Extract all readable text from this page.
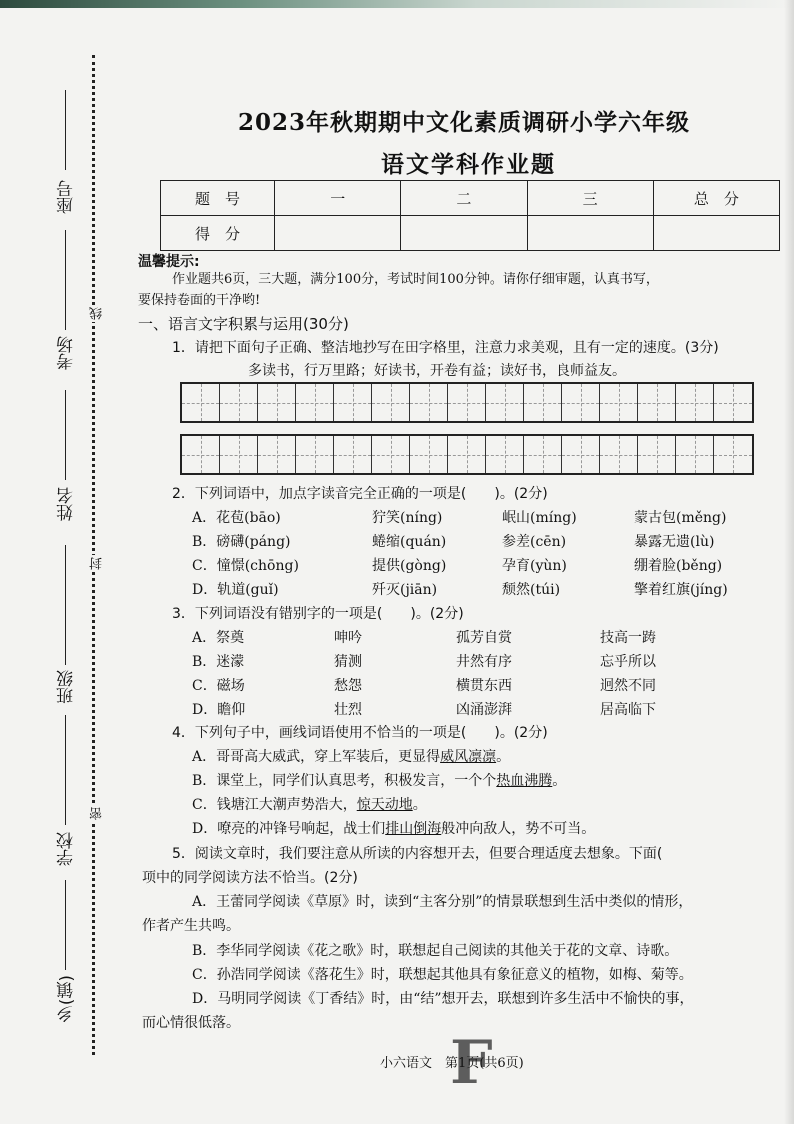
座号
考场
姓名
班级
学校
乡(镇)
线
封
密
2023年秋期期中文化素质调研小学六年级
语文学科作业题
题　号	一	二	三	总　分
得　分				
温馨提示:
作业题共6页，三大题，满分100分，考试时间100分钟。请你仔细审题，认真书写，
要保持卷面的干净哟!
一、语言文字积累与运用(30分)
1．请把下面句子正确、整洁地抄写在田字格里，注意力求美观，且有一定的速度。(3分)
多读书，行万里路；好读书，开卷有益；读好书，良师益友。
2．下列词语中，加点字读音完全正确的一项是(　　)。(2分)
A．花苞(bāo)	狞笑(níng)	岷山(míng)	蒙古包(měng)
B．磅礴(páng)	蜷缩(quán)	参差(cēn)	暴露无遗(lù)
C．憧憬(chōng)	提供(gòng)	孕育(yùn)	绷着脸(běng)
D．轨道(guǐ)	歼灭(jiān)	颓然(túi)	擎着红旗(jíng)
3．下列词语没有错别字的一项是(　　)。(2分)
A．祭奠	呻吟	孤芳自赏	技高一踌
B．迷濛	猜测	井然有序	忘乎所以
C．磁场	愁怨	横贯东西	迥然不同
D．瞻仰	壮烈	凶涌澎湃	居高临下
4．下列句子中，画线词语使用不恰当的一项是(　　)。(2分)
A．哥哥高大威武，穿上军装后，更显得威风凛凛。
B．课堂上，同学们认真思考，积极发言，一个个热血沸腾。
C．钱塘江大潮声势浩大，惊天动地。
D．嘹亮的冲锋号响起，战士们排山倒海般冲向敌人，势不可当。
5．阅读文章时，我们要注意从所读的内容想开去，但要合理适度去想象。下面(
项中的同学阅读方法不恰当。(2分)
A．王蕾同学阅读《草原》时，读到“主客分别”的情景联想到生活中类似的情形，
作者产生共鸣。
B．李华同学阅读《花之歌》时，联想起自己阅读的其他关于花的文章、诗歌。
C．孙浩同学阅读《落花生》时，联想起其他具有象征意义的植物，如梅、菊等。
D．马明同学阅读《丁香结》时，由“结”想开去，联想到许多生活中不愉快的事，
而心情很低落。
F
小六语文　第1页(共6页)
